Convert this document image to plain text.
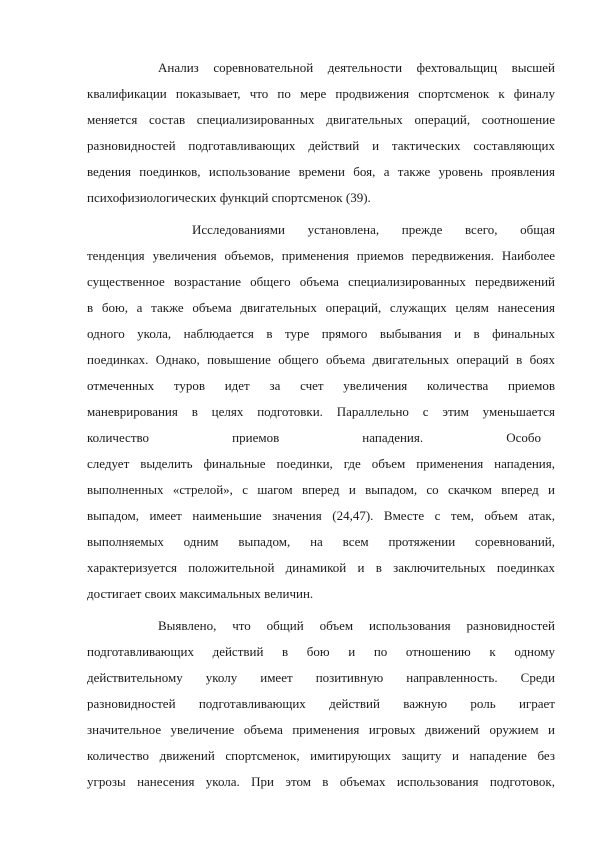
Анализ соревновательной деятельности фехтовальщиц высшей

квалификации показывает, что по мере продвижения спортсменок к финалу

меняется состав специализированных двигательных операций, соотношение

разновидностей подготавливающих действий и тактических составляющих

ведения поединков, использование времени боя, а также уровень проявления

психофизиологических функций спортсменок (39).

Исследованиями установлена, прежде всего, общая

тенденция увеличения объемов, применения приемов передвижения. Наиболее

существенное возрастание общего объема специализированных передвижений

в бою, а также объема двигательных операций, служащих целям нанесения

одного укола, наблюдается в туре прямого выбывания и в финальных

поединках. Однако, повышение общего объема двигательных операций в боях

отмеченных туров идет за счет увеличения количества приемов

маневрирования в целях подготовки. Параллельно с этим уменьшается

количество приемов нападения. Особо

следует выделить финальные поединки, где объем применения нападения,

выполненных «стрелой», с шагом вперед и выпадом, со скачком вперед и

выпадом, имеет наименьшие значения (24,47). Вместе с тем, объем атак,

выполняемых одним выпадом, на всем протяжении соревнований,

характеризуется положительной динамикой и в заключительных поединках

достигает своих максимальных величин.

Выявлено, что общий объем использования разновидностей

подготавливающих действий в бою и по отношению к одному

действительному уколу имеет позитивную направленность. Среди

разновидностей подготавливающих действий важную роль играет

значительное увеличение объема применения игровых движений оружием и

количество движений спортсменок, имитирующих защиту и нападение без

угрозы нанесения укола. При этом в объемах использования подготовок,
